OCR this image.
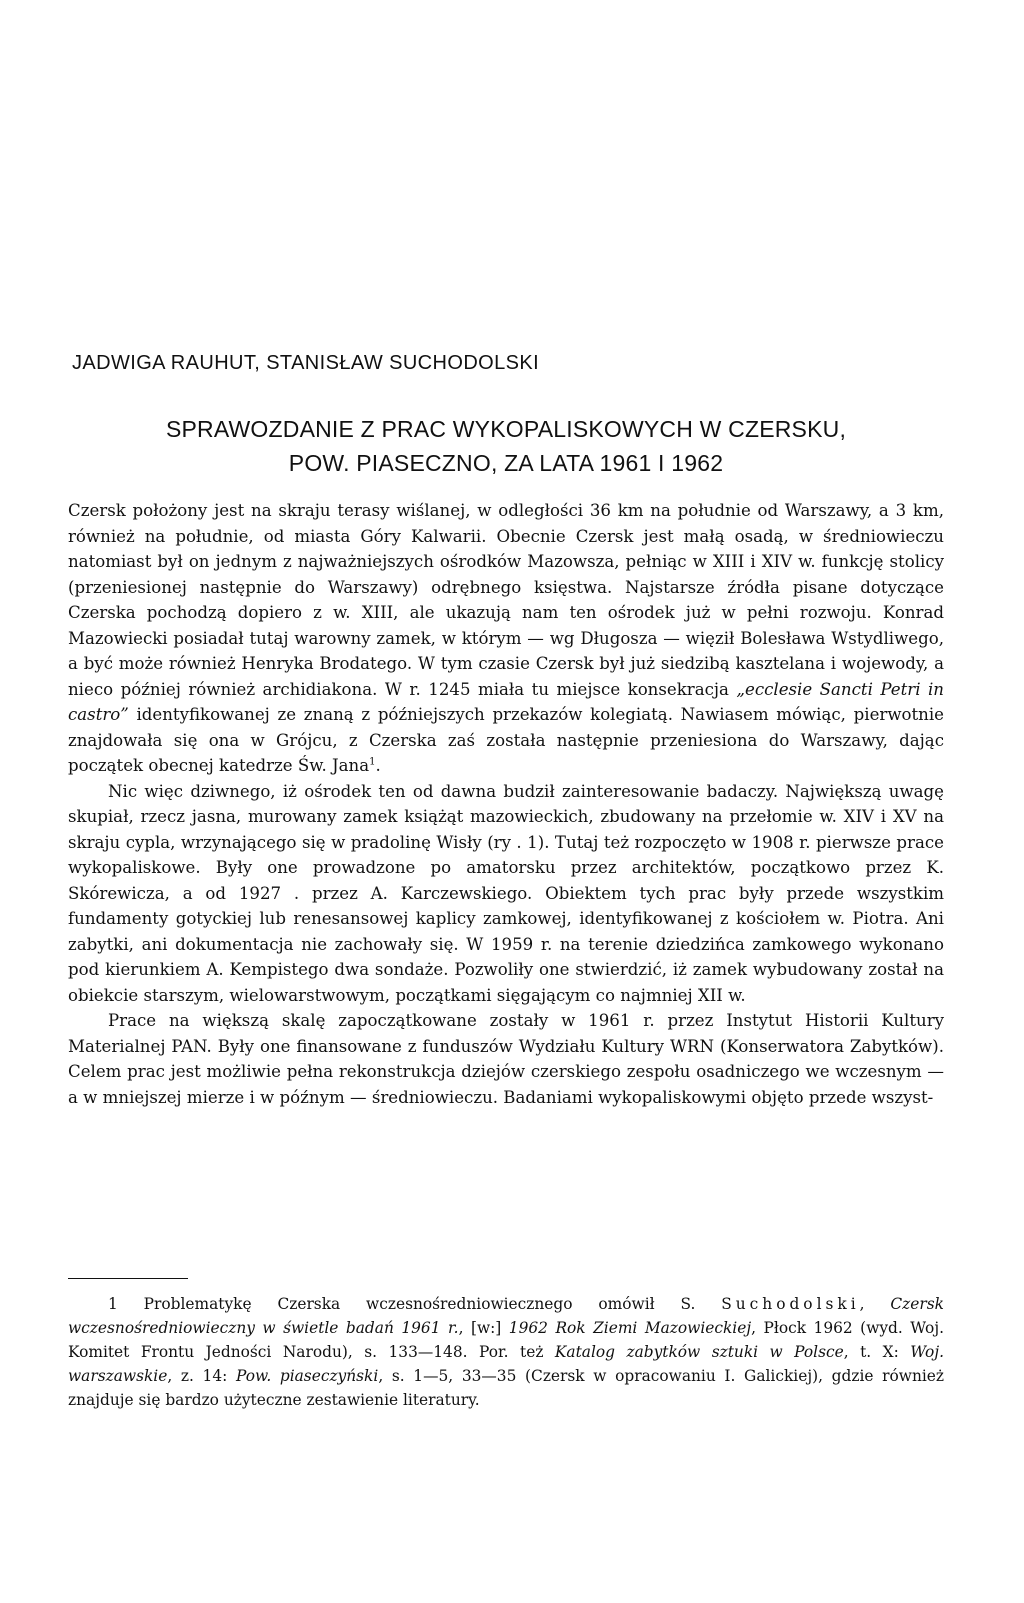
JADWIGA RAUHUT, STANISŁAW SUCHODOLSKI
SPRAWOZDANIE Z PRAC WYKOPALISKOWYCH W CZERSKU,
POW. PIASECZNO, ZA LATA 1961 I 1962

Czersk położony jest na skraju terasy wiślanej, w odległości 36 km na południe od Warszawy, a 3 km, również na południe, od miasta Góry Kalwarii. Obecnie Czersk jest małą osadą, w średniowieczu natomiast był on jednym z najważniejszych ośrodków Mazowsza, pełniąc w XIII i XIV w. funkcję stolicy (przeniesionej następnie do Warszawy) odrębnego księstwa. Najstarsze źródła pisane dotyczące Czerska pochodzą dopiero z w. XIII, ale ukazują nam ten ośrodek już w pełni rozwoju. Konrad Mazowiecki posiadał tutaj warowny zamek, w którym — wg Długosza — więził Bolesława Wstydliwego, a być może również Henryka Brodatego. W tym czasie Czersk był już siedzibą kasztelana i wojewody, a nieco później również archidiakona. W r. 1245 miała tu miejsce konsekracja „ecclesie Sancti Petri in castro” identyfikowanej ze znaną z późniejszych przekazów kolegiatą. Nawiasem mówiąc, pierwotnie znajdowała się ona w Grójcu, z Czerska zaś została następnie przeniesiona do Warszawy, dając początek obecnej katedrze Św. Jana$^1$.

Nic więc dziwnego, iż ośrodek ten od dawna budził zainteresowanie badaczy. Największą uwagę skupiał, rzecz jasna, murowany zamek książąt mazowieckich, zbudowany na przełomie w. XIV i XV na skraju cypla, wrzynającego się w pradolinę Wisły (ry . 1). Tutaj też rozpoczęto w 1908 r. pierwsze prace wykopaliskowe. Były one prowadzone po amatorsku przez architektów, początkowo przez K. Skórewicza, a od 1927 . przez A. Karczewskiego. Obiektem tych prac były przede wszystkim fundamenty gotyckiej lub renesansowej kaplicy zamkowej, identyfikowanej z kościołem w. Piotra. Ani zabytki, ani dokumentacja nie zachowały się. W 1959 r. na terenie dziedzińca zamkowego wykonano pod kierunkiem A. Kempistego dwa sondaże. Pozwoliły one stwierdzić, iż zamek wybudowany został na obiekcie starszym, wielowarstwowym, początkami sięgającym co najmniej XII w.

Prace na większą skalę zapoczątkowane zostały w 1961 r. przez Instytut Historii Kultury Materialnej PAN. Były one finansowane z funduszów Wydziału Kultury WRN (Konserwatora Zabytków). Celem prac jest możliwie pełna rekonstrukcja dziejów czerskiego zespołu osadniczego we wczesnym — a w mniejszej mierze i w późnym — średniowieczu. Badaniami wykopaliskowymi objęto przede wszyst-

1 Problematykę Czerska wczesnośredniowiecznego omówił S. Suchodolski, Czersk wczesnośredniowieczny w świetle badań 1961 r., [w:] 1962 Rok Ziemi Mazowieckiej, Płock 1962 (wyd. Woj. Komitet Frontu Jedności Narodu), s. 133—148. Por. też Katalog zabytków sztuki w Polsce, t. X: Woj. warszawskie, z. 14: Pow. piaseczyński, s. 1—5, 33—35 (Czersk w opracowaniu I. Galickiej), gdzie również znajduje się bardzo użyteczne zestawienie literatury.
